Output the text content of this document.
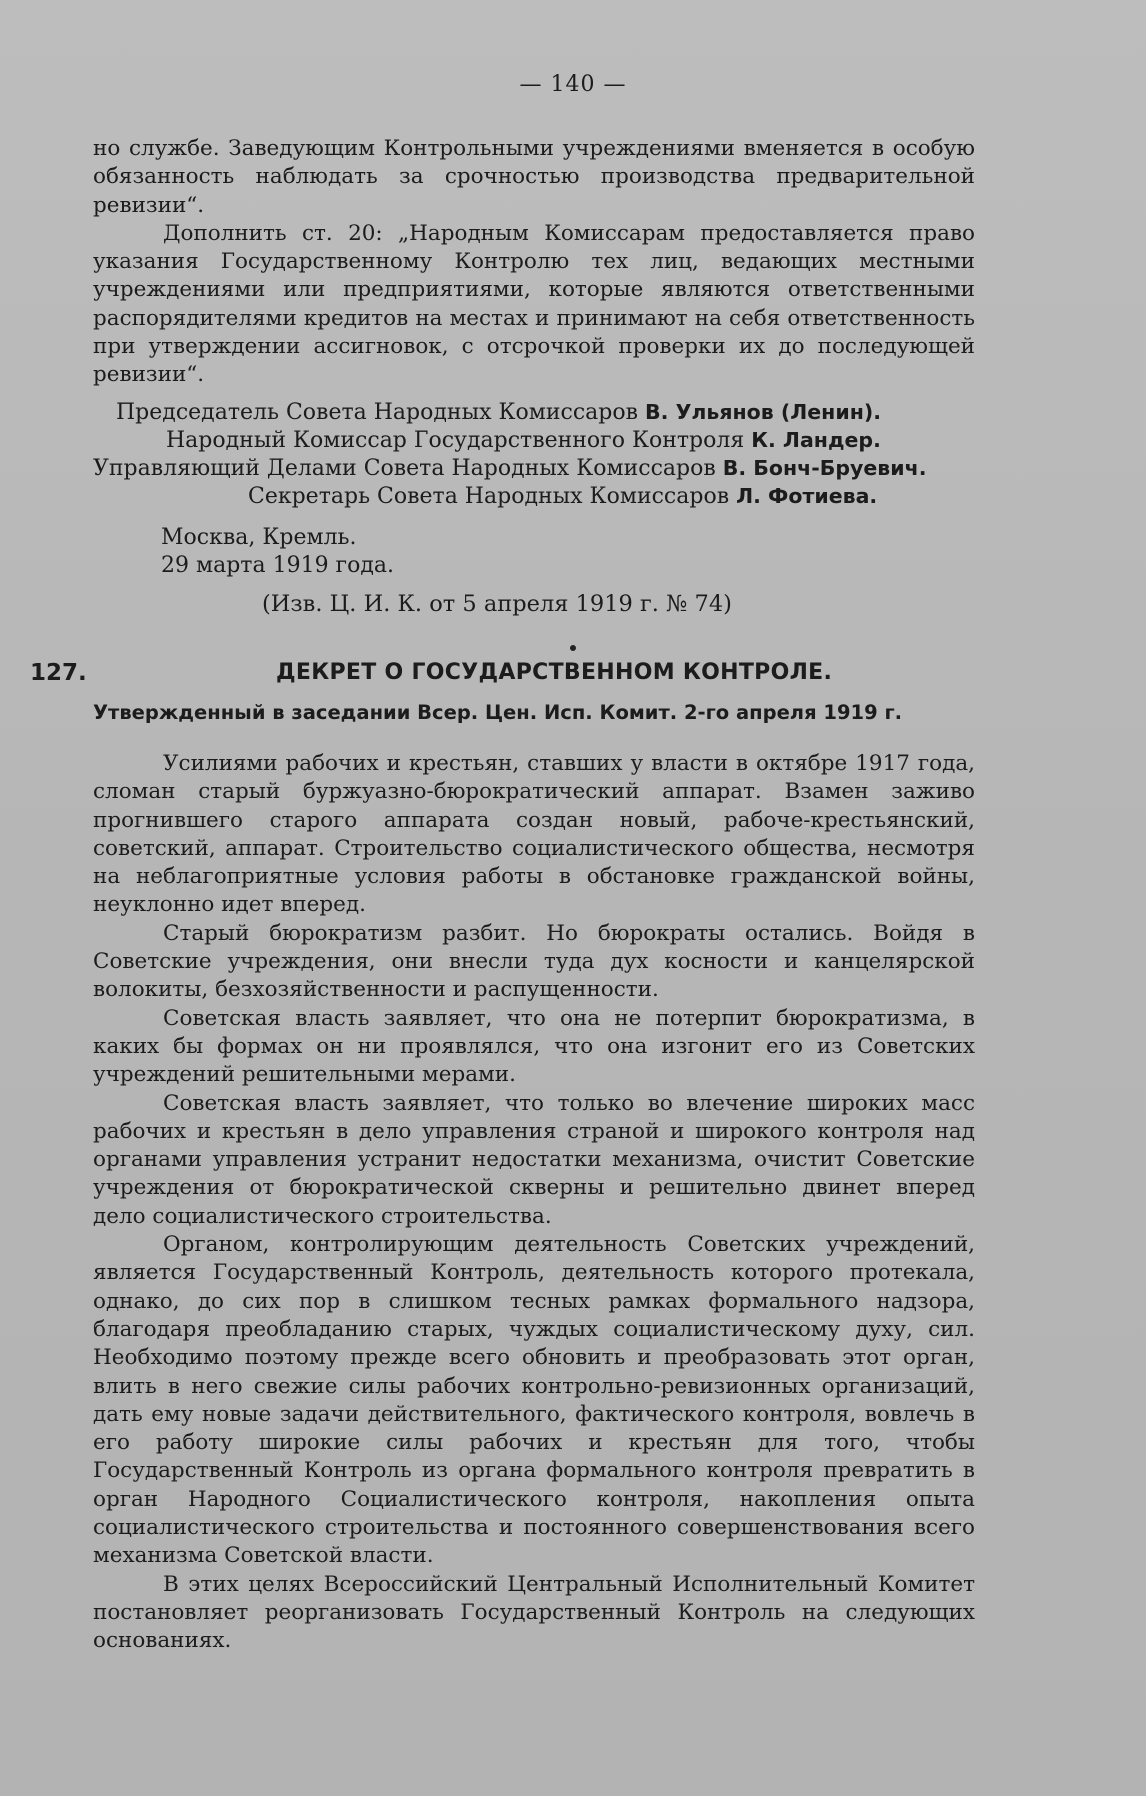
— 140 —

но службе. Заведующим Контрольными учреждениями вменяется в особую обязанность наблюдать за срочностью производства предварительной ревизии“.

Дополнить ст. 20: „Народным Комиссарам предоставляется право указания Государственному Контролю тех лиц, ведающих местными учреждениями или предприятиями, которые являются ответственными распорядителями кредитов на местах и принимают на себя ответственность при утверждении ассигновок, с отсрочкой проверки их до последующей ревизии“.

Председатель Совета Народных Комиссаров В. Ульянов (Ленин).
Народный Комиссар Государственного Контроля К. Ландер.
Управляющий Делами Совета Народных Комиссаров В. Бонч-Бруевич.
Секретарь Совета Народных Комиссаров Л. Фотиева.
Москва, Кремль.
29 марта 1919 года.
(Изв. Ц. И. К. от 5 апреля 1919 г. № 74)
127.	ДЕКРЕТ О ГОСУДАРСТВЕННОМ КОНТРОЛЕ.
Утвержденный в заседании Всер. Цен. Исп. Комит. 2-го апреля 1919 г.

Усилиями рабочих и крестьян, ставших у власти в октябре 1917 года, сломан старый буржуазно-бюрократический аппарат. Взамен заживо прогнившего старого аппарата создан новый, рабоче-крестьянский, советский, аппарат. Строительство социалистического общества, несмотря на неблагоприятные условия работы в обстановке гражданской войны, неуклонно идет вперед.

Старый бюрократизм разбит. Но бюрократы остались. Войдя в Советские учреждения, они внесли туда дух косности и канцелярской волокиты, безхозяйственности и распущенности.

Советская власть заявляет, что она не потерпит бюрократизма, в каких бы формах он ни проявлялся, что она изгонит его из Советских учреждений решительными мерами.

Советская власть заявляет, что только во влечение широких масс рабочих и крестьян в дело управления страной и широкого контроля над органами управления устранит недостатки механизма, очистит Советские учреждения от бюрократической скверны и решительно двинет вперед дело социалистического строительства.

Органом, контролирующим деятельность Советских учреждений, является Государственный Контроль, деятельность которого протекала, однако, до сих пор в слишком тесных рамках формального надзора, благодаря преобладанию старых, чуждых социалистическому духу, сил. Необходимо поэтому прежде всего обновить и преобразовать этот орган, влить в него свежие силы рабочих контрольно-ревизионных организаций, дать ему новые задачи действительного, фактического контроля, вовлечь в его работу широкие силы рабочих и крестьян для того, чтобы Государственный Контроль из органа формального контроля превратить в орган Народного Социалистического контроля, накопления опыта социалистического строительства и постоянного совершенствования всего механизма Советской власти.

В этих целях Всероссийский Центральный Исполнительный Комитет постановляет реорганизовать Государственный Контроль на следующих основаниях.
